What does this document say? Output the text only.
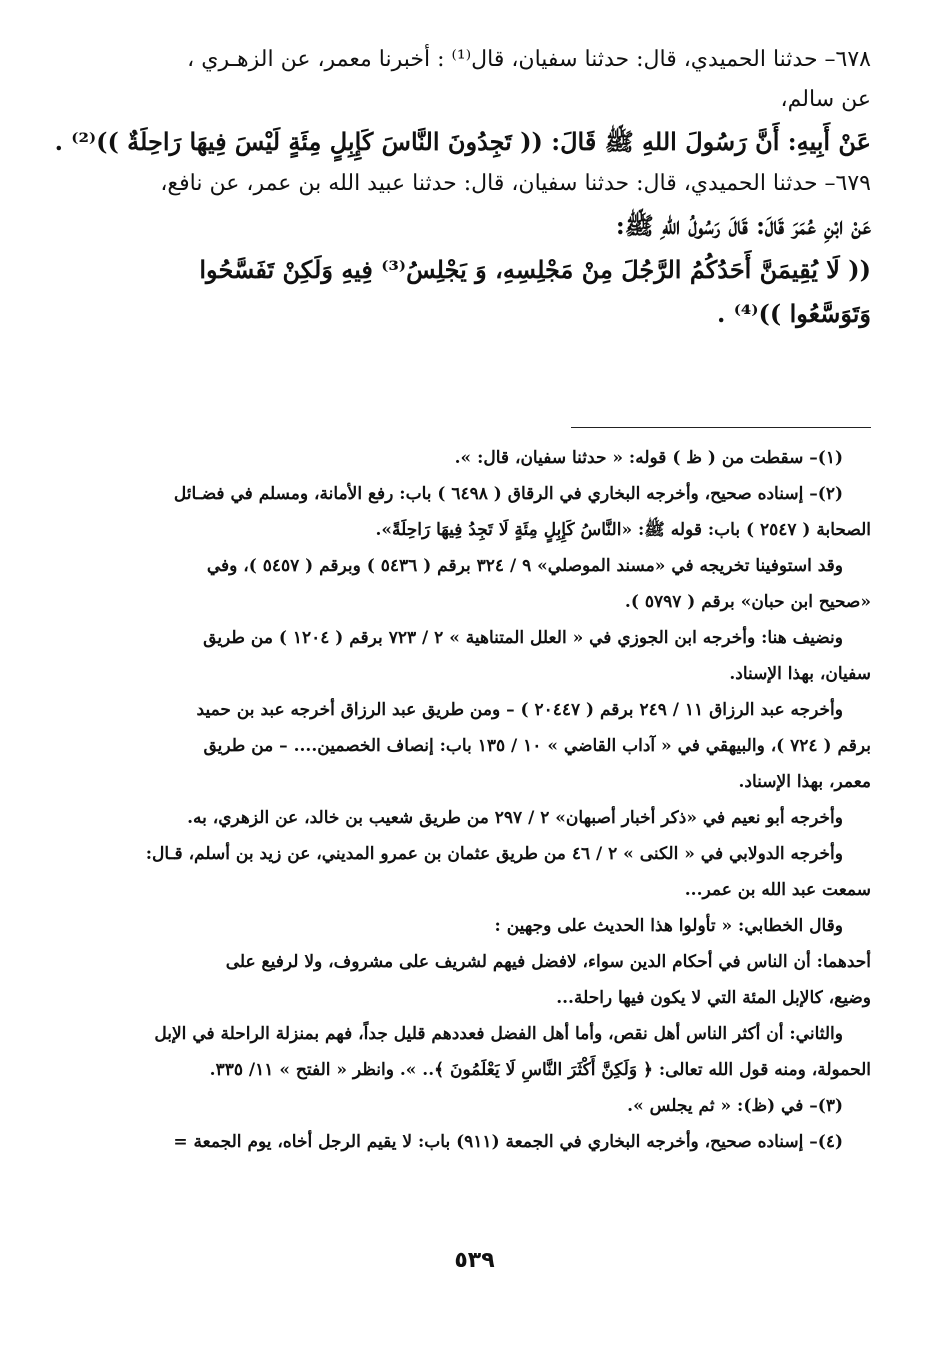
٦٧٨– حدثنا الحميدي، قال: حدثنا سفيان، قال⁽¹⁾ : أخبرنا معمر، عن الزهـري ،
عن سالم،
عَنْ أَبِيهِ: أَنَّ رَسُولَ اللهِ ﷺ قَالَ: (( تَجِدُونَ النَّاسَ كَإِبِلٍ مِئَةٍ لَيْسَ فِيهَا رَاحِلَةٌ ))⁽²⁾ .
٦٧٩– حدثنا الحميدي، قال: حدثنا سفيان، قال: حدثنا عبيد الله بن عمر، عن نافع،
عَنْ ابْنِ عُمَرَ قَالَ: قَالَ رَسُولُ اللهِ ﷺ:
(( لَا يُقِيمَنَّ أَحَدُكُمُ الرَّجُلَ مِنْ مَجْلِسِهِ، وَ يَجْلِسُ⁽³⁾ فِيهِ وَلَكِنْ تَفَسَّحُوا
وَتَوَسَّعُوا ))⁽⁴⁾ .
(١)– سقطت من ( ظ ) قوله: « حدثنا سفيان، قال: ».
(٢)– إسناده صحيح، وأخرجه البخاري في الرقاق ( ٦٤٩٨ ) باب: رفع الأمانة، ومسلم في فضـائل
الصحابة ( ٢٥٤٧ ) باب: قوله ﷺ: «النَّاسُ كَإِبِلٍ مِئَةٍ لَا تَجِدُ فِيهَا رَاحِلَةً».
وقد استوفينا تخريجه في «مسند الموصلي» ٩ / ٣٢٤ برقم ( ٥٤٣٦ ) وبرقم ( ٥٤٥٧ )، وفي
«صحيح ابن حبان» برقم ( ٥٧٩٧ ).
ونضيف هنا: وأخرجه ابن الجوزي في « العلل المتناهية » ٢ / ٧٢٣ برقم ( ١٢٠٤ ) من طريق
سفيان، بهذا الإسناد.
وأخرجه عبد الرزاق ١١ / ٢٤٩ برقم ( ٢٠٤٤٧ ) – ومن طريق عبد الرزاق أخرجه عبد بن حميد
برقم ( ٧٢٤ )، والبيهقي في « آداب القاضي » ١٠ / ١٣٥ باب: إنصاف الخصمين.... – من طريق
معمر، بهذا الإسناد.
وأخرجه أبو نعيم في «ذكر أخبار أصبهان» ٢ / ٢٩٧ من طريق شعيب بن خالد، عن الزهري، به.
وأخرجه الدولابي في « الكنى » ٢ / ٤٦ من طريق عثمان بن عمرو المديني، عن زيد بن أسلم، قـال:
سمعت عبد الله بن عمر...
وقال الخطابي: « تأولوا هذا الحديث على وجهين :
أحدهما: أن الناس في أحكام الدين سواء، لافضل فيهم لشريف على مشروف، ولا لرفيع على
وضيع، كالإبل المئة التي لا يكون فيها راحلة...
والثاني: أن أكثر الناس أهل نقص، وأما أهل الفضل فعددهم قليل جداً، فهم بمنزلة الراحلة في الإبل
الحمولة، ومنه قول الله تعالى: ﴿ وَلَكِنَّ أَكْثَرَ النَّاسِ لَا يَعْلَمُونَ ﴾.. ». وانظر « الفتح » ١١/ ٣٣٥.
(٣)– في (ظ): « ثم يجلس ».
(٤)– إسناده صحيح، وأخرجه البخاري في الجمعة (٩١١) باب: لا يقيم الرجل أخاه، يوم الجمعة =
٥٣٩
